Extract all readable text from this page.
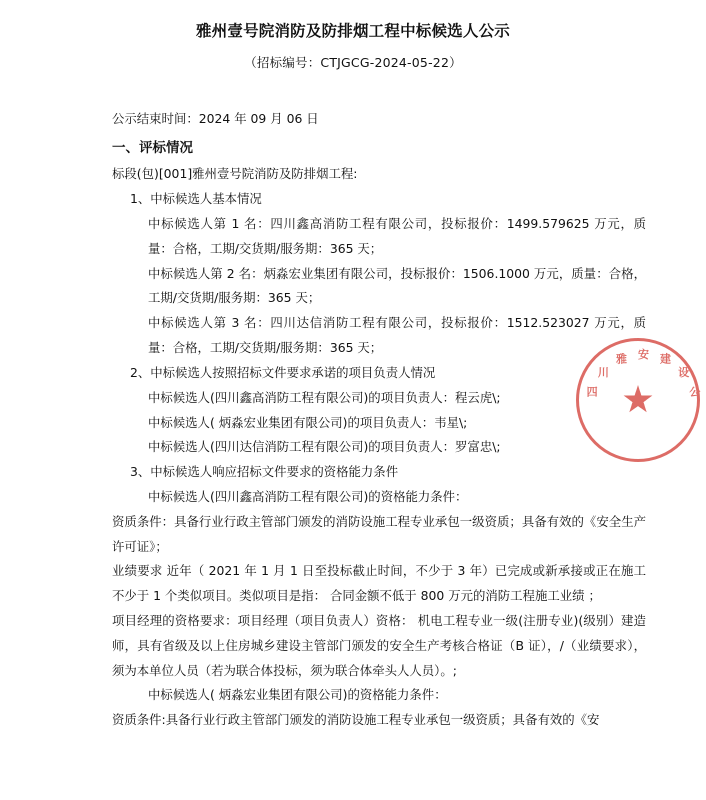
雅州壹号院消防及防排烟工程中标候选人公示
（招标编号：CTJGCG-2024-05-22）

公示结束时间：2024 年 09 月 06 日

一、评标情况

标段(包)[001]雅州壹号院消防及防排烟工程:

1、中标候选人基本情况

中标候选人第 1 名：四川鑫高消防工程有限公司，投标报价：1499.579625 万元，质量：合格，工期/交货期/服务期：365 天；

中标候选人第 2 名：炳淼宏业集团有限公司，投标报价：1506.1000 万元，质量：合格，工期/交货期/服务期：365 天；

中标候选人第 3 名：四川达信消防工程有限公司，投标报价：1512.523027 万元，质量：合格，工期/交货期/服务期：365 天；

2、中标候选人按照招标文件要求承诺的项目负责人情况

中标候选人(四川鑫高消防工程有限公司)的项目负责人：程云虎\;

中标候选人( 炳淼宏业集团有限公司)的项目负责人：韦星\;

中标候选人(四川达信消防工程有限公司)的项目负责人：罗富忠\;

3、中标候选人响应招标文件要求的资格能力条件

中标候选人(四川鑫高消防工程有限公司)的资格能力条件：

资质条件：具备行业行政主管部门颁发的消防设施工程专业承包一级资质；具备有效的《安全生产许可证》；

业绩要求 近年（ 2021 年 1 月 1 日至投标截止时间，不少于 3 年）已完成或新承接或正在施工不少于 1 个类似项目。类似项目是指： 合同金额不低于 800 万元的消防工程施工业绩 ；

项目经理的资格要求：项目经理（项目负责人）资格： 机电工程专业一级(注册专业)(级别）建造师，具有省级及以上住房城乡建设主管部门颁发的安全生产考核合格证（B 证），/（业绩要求），须为本单位人员（若为联合体投标，须为联合体牵头人人员）。;

中标候选人( 炳淼宏业集团有限公司)的资格能力条件：

资质条件:具备行业行政主管部门颁发的消防设施工程专业承包一级资质；具备有效的《安

四
川
雅 安 建
设
公
